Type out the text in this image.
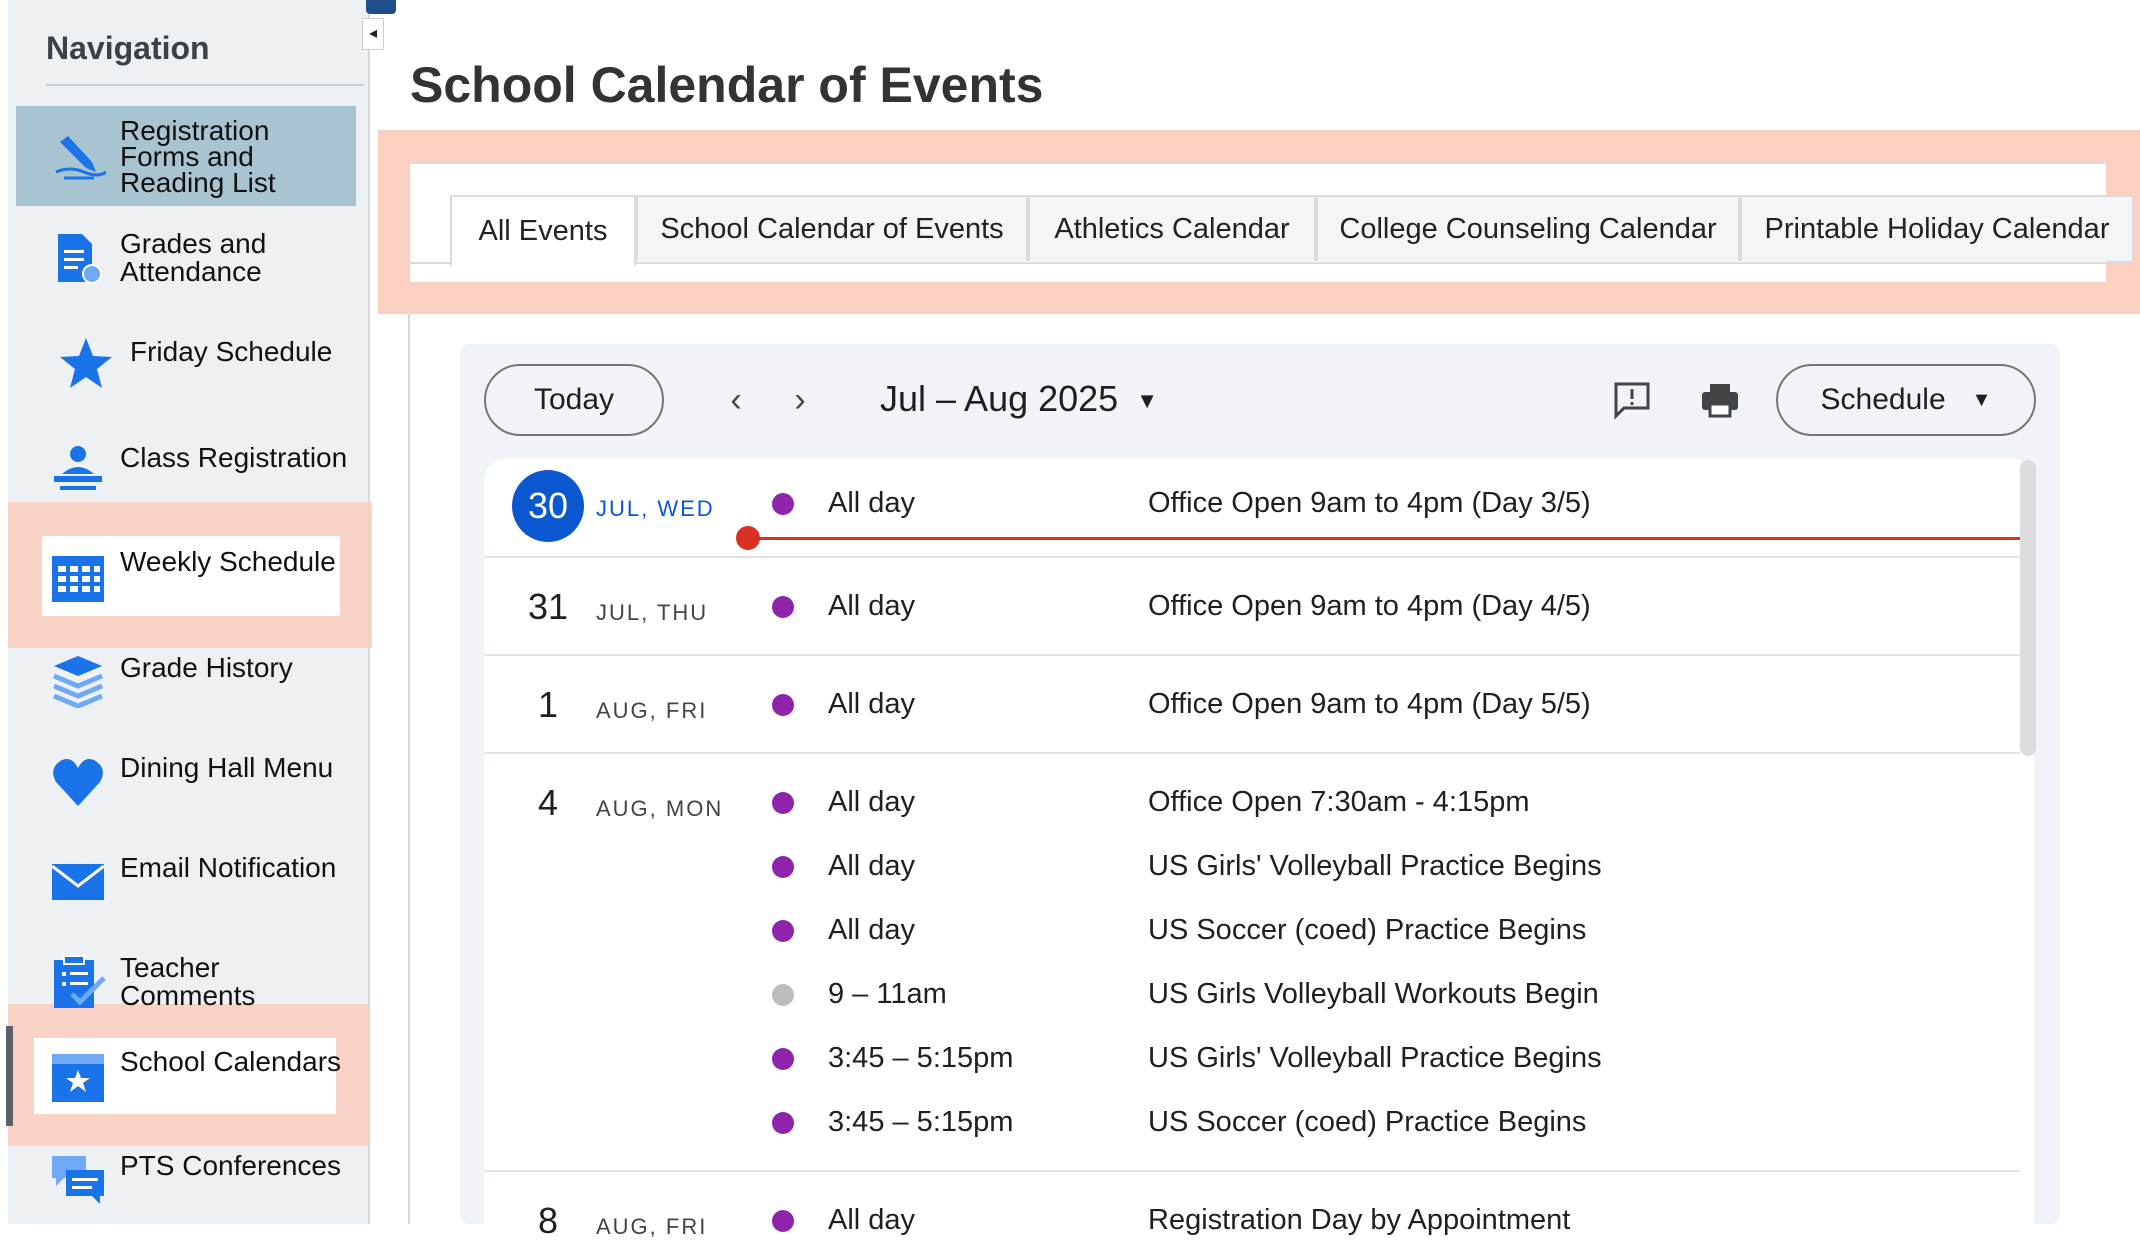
Navigation
Registration Forms and Reading List
Grades and Attendance
Friday Schedule
Class Registration
Weekly Schedule
Grade History
Dining Hall Menu
Email Notification
Teacher Comments
School Calendars
PTS Conferences
◂
School Calendar of Events
All Events	School Calendar of Events	Athletics Calendar	College Counseling Calendar	Printable Holiday Calendar
Today	‹	›	Jul – Aug 2025 ▼	Schedule ▼
30	JUL, WED	All day	Office Open 9am to 4pm (Day 3/5)
31	JUL, THU	All day	Office Open 9am to 4pm (Day 4/5)
1	AUG, FRI	All day	Office Open 9am to 4pm (Day 5/5)
4	AUG, MON	All day	Office Open 7:30am - 4:15pm
All day	US Girls' Volleyball Practice Begins
All day	US Soccer (coed) Practice Begins
9 – 11am	US Girls Volleyball Workouts Begin
3:45 – 5:15pm	US Girls' Volleyball Practice Begins
3:45 – 5:15pm	US Soccer (coed) Practice Begins
8	AUG, FRI	All day	Registration Day by Appointment
